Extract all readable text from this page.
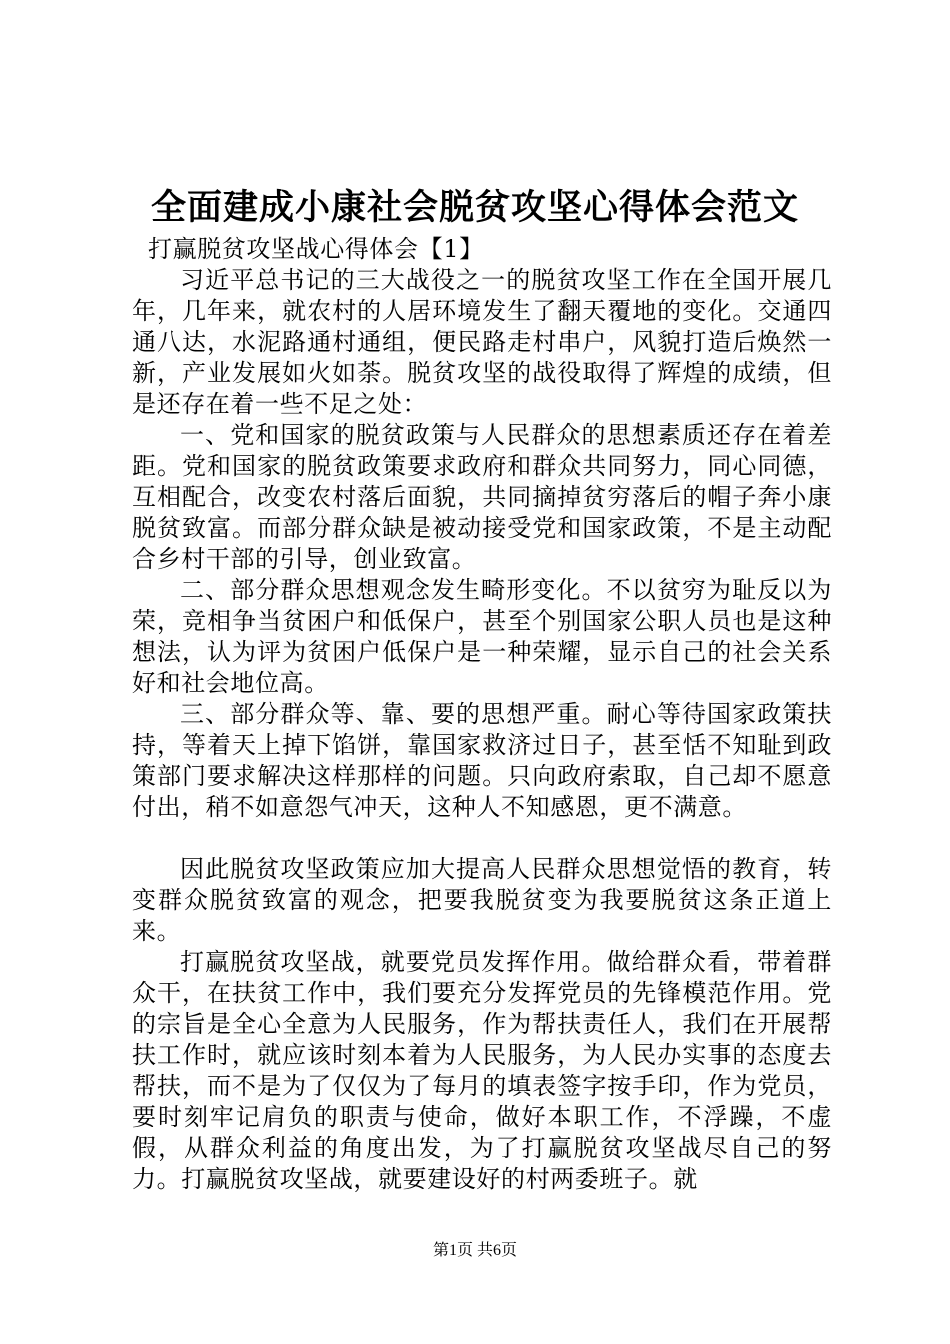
全面建成小康社会脱贫攻坚心得体会范文

打赢脱贫攻坚战心得体会【1】

习近平总书记的三大战役之一的脱贫攻坚工作在全国开展几年，几年来，就农村的人居环境发生了翻天覆地的变化。交通四通八达，水泥路通村通组，便民路走村串户，风貌打造后焕然一新，产业发展如火如荼。脱贫攻坚的战役取得了辉煌的成绩，但是还存在着一些不足之处：

一、党和国家的脱贫政策与人民群众的思想素质还存在着差距。党和国家的脱贫政策要求政府和群众共同努力，同心同德，互相配合，改变农村落后面貌，共同摘掉贫穷落后的帽子奔小康脱贫致富。而部分群众缺是被动接受党和国家政策，不是主动配合乡村干部的引导，创业致富。

二、部分群众思想观念发生畸形变化。不以贫穷为耻反以为荣，竞相争当贫困户和低保户，甚至个别国家公职人员也是这种想法，认为评为贫困户低保户是一种荣耀，显示自己的社会关系好和社会地位高。

三、部分群众等、靠、要的思想严重。耐心等待国家政策扶持，等着天上掉下馅饼，靠国家救济过日子，甚至恬不知耻到政策部门要求解决这样那样的问题。只向政府索取，自己却不愿意付出，稍不如意怨气冲天，这种人不知感恩，更不满意。

因此脱贫攻坚政策应加大提高人民群众思想觉悟的教育，转变群众脱贫致富的观念，把要我脱贫变为我要脱贫这条正道上来。

打赢脱贫攻坚战，就要党员发挥作用。做给群众看，带着群众干，在扶贫工作中，我们要充分发挥党员的先锋模范作用。党的宗旨是全心全意为人民服务，作为帮扶责任人，我们在开展帮扶工作时，就应该时刻本着为人民服务，为人民办实事的态度去帮扶，而不是为了仅仅为了每月的填表签字按手印，作为党员，要时刻牢记肩负的职责与使命，做好本职工作，不浮躁，不虚假，从群众利益的角度出发，为了打赢脱贫攻坚战尽自己的努力。打赢脱贫攻坚战，就要建设好的村两委班子。就

第1页 共6页
